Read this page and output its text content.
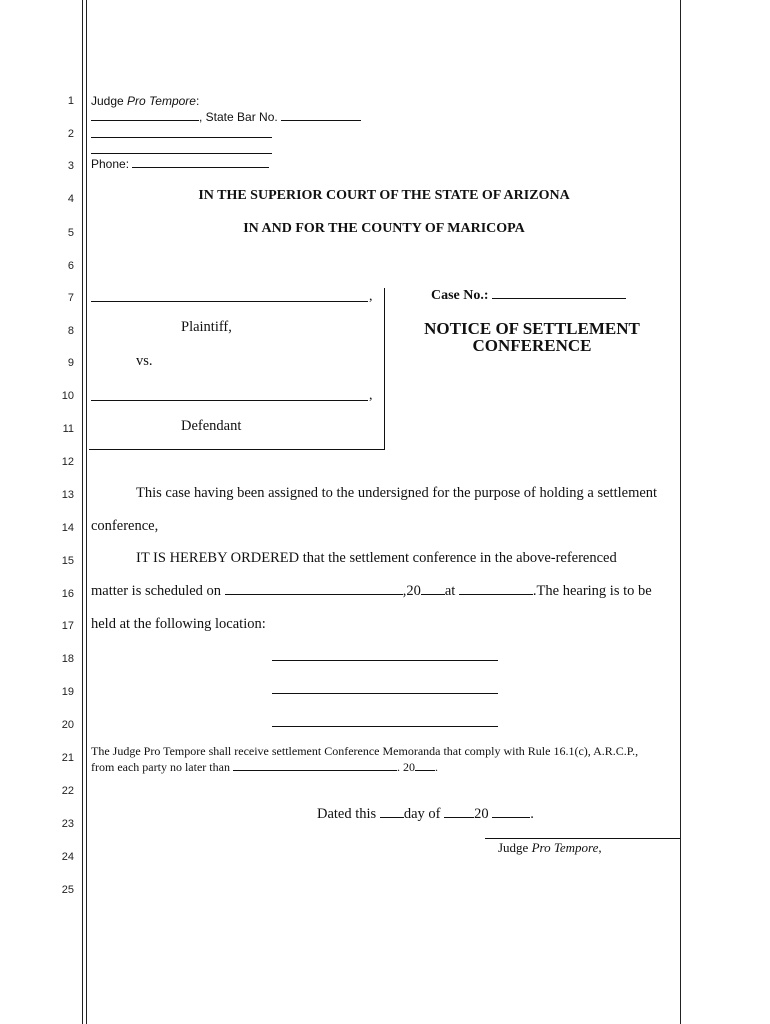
1
2
3
4
5
6
7
8
9
10
11
12
13
14
15
16
17
18
19
20
21
22
23
24
25
Judge Pro Tempore:
, State Bar No.
Phone:
IN THE SUPERIOR COURT OF THE STATE OF ARIZONA
IN AND FOR THE COUNTY OF MARICOPA
,
Plaintiff,
vs.
,
Defendant
Case No.:
NOTICE OF SETTLEMENT
CONFERENCE
This case having been assigned to the undersigned for the purpose of holding a settlement
conference,
IT IS HEREBY ORDERED that the settlement conference in the above-referenced
matter is scheduled on	,20 at	.The hearing is to be
held at the following location:
The Judge Pro Tempore shall receive settlement Conference Memoranda that comply with Rule 16.1(c), A.R.C.P.,
from each party no later than	. 20 .
Dated this day of 20	.
Judge Pro Tempore,
